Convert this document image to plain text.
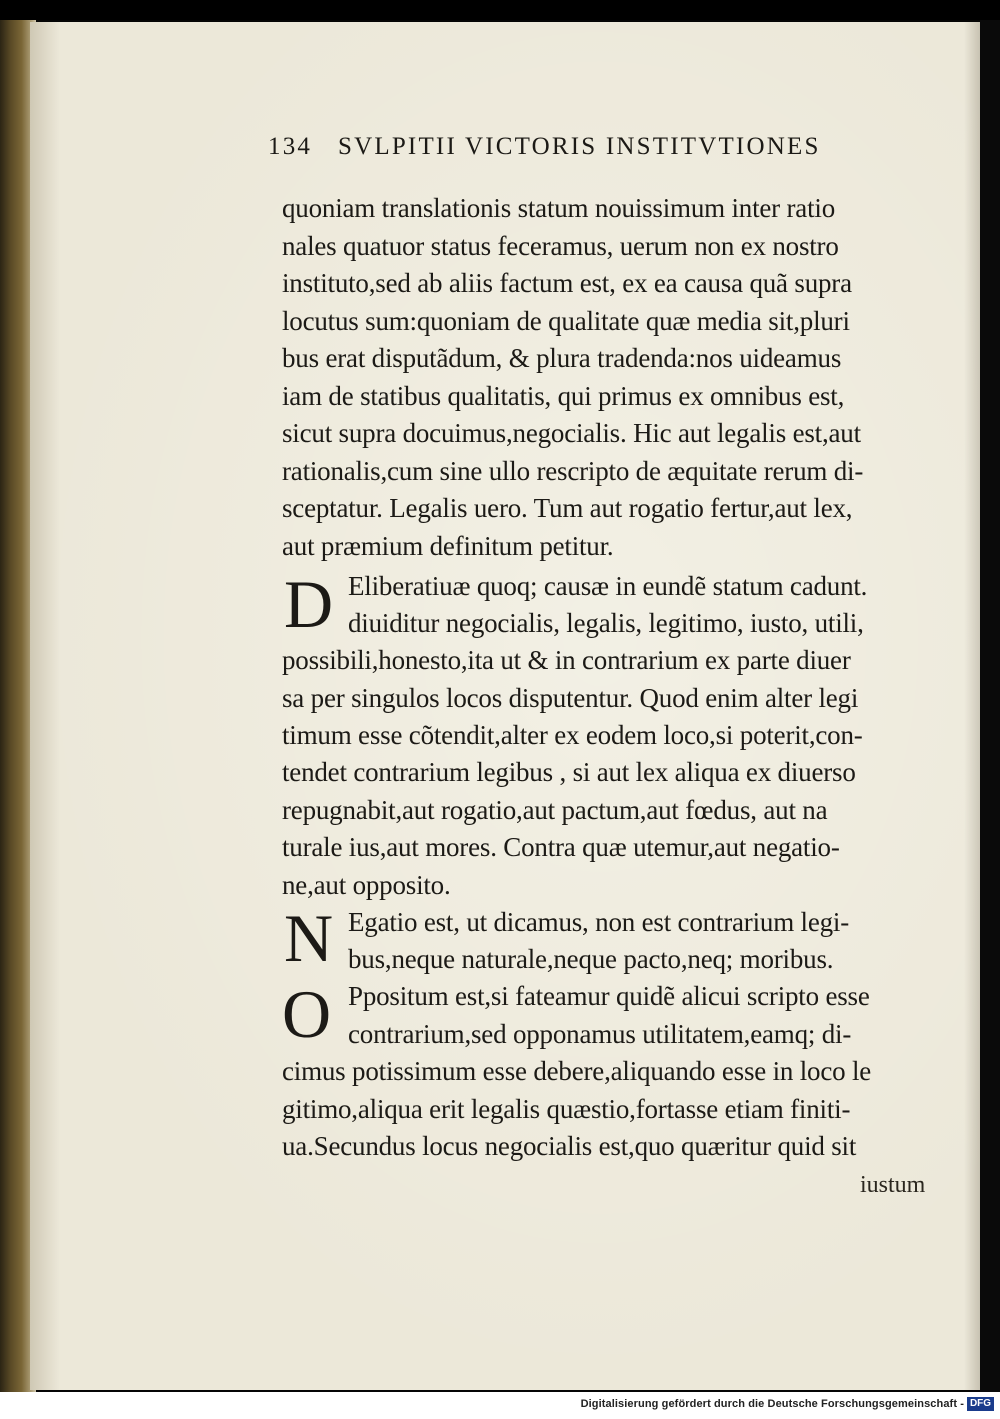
134 SVLPITII VICTORIS INSTITVTIONES

quoniam translationis statum nouissimum inter ratio

nales quatuor status feceramus, uerum non ex nostro

instituto,sed ab aliis factum est, ex ea causa quã supra

locutus sum:quoniam de qualitate quæ media sit,pluri

bus erat disputãdum, & plura tradenda:nos uideamus

iam de statibus qualitatis, qui primus ex omnibus est,

sicut supra docuimus,negocialis. Hic aut legalis est,aut

rationalis,cum sine ullo rescripto de æquitate rerum di-

sceptatur. Legalis uero. Tum aut rogatio fertur,aut lex,

aut præmium definitum petitur.

D Eliberatiuæ quoq; causæ in eundẽ statum cadunt.

diuiditur negocialis, legalis, legitimo, iusto, utili,

possibili,honesto,ita ut & in contrarium ex parte diuer

sa per singulos locos disputentur. Quod enim alter legi

timum esse cõtendit,alter ex eodem loco,si poterit,con-

tendet contrarium legibus , si aut lex aliqua ex diuerso

repugnabit,aut rogatio,aut pactum,aut fœdus, aut na

turale ius,aut mores. Contra quæ utemur,aut negatio-

ne,aut opposito.

N Egatio est, ut dicamus, non est contrarium legi-

bus,neque naturale,neque pacto,neq; moribus.

O Ppositum est,si fateamur quidẽ alicui scripto esse

contrarium,sed opponamus utilitatem,eamq; di-

cimus potissimum esse debere,aliquando esse in loco le

gitimo,aliqua erit legalis quæstio,fortasse etiam finiti-

ua.Secundus locus negocialis est,quo quæritur quid sit

iustum

Digitalisierung gefördert durch die Deutsche Forschungsgemeinschaft - DFG
